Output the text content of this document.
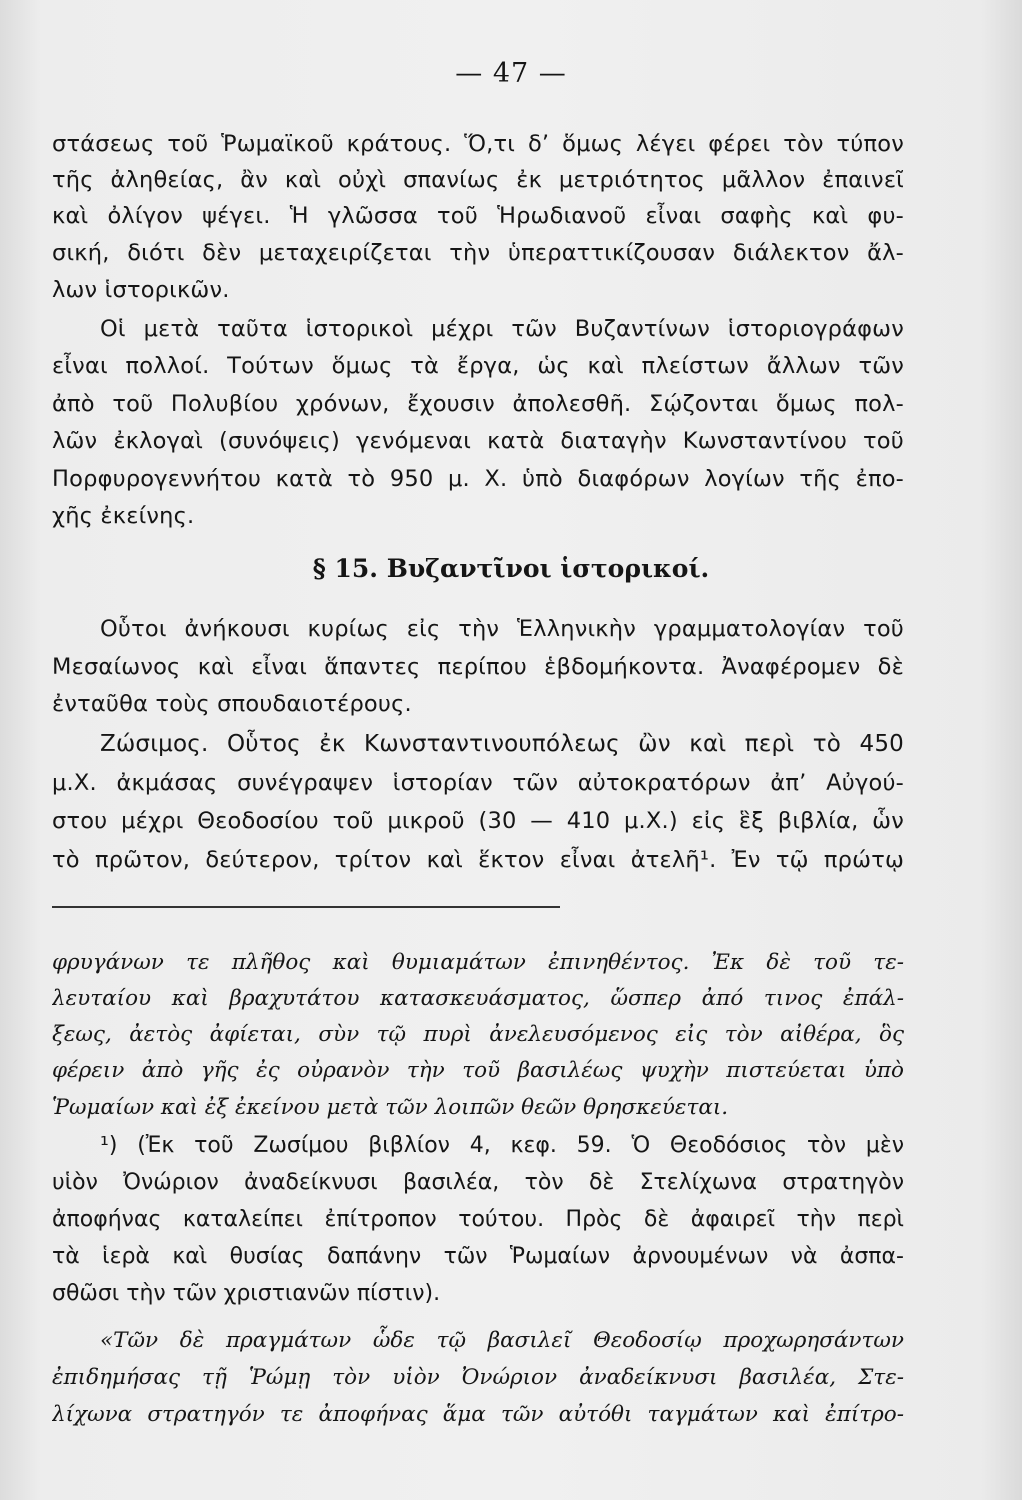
— 47 —

στάσεως τοῦ Ῥωμαϊκοῦ κράτους. Ὅ,τι δ’ ὅμως λέγει φέρει τὸν τύπον

τῆς ἀληθείας, ἂν καὶ οὐχὶ σπανίως ἐκ μετριότητος μᾶλλον ἐπαινεῖ

καὶ ὀλίγον ψέγει. Ἡ γλῶσσα τοῦ Ἡρωδιανοῦ εἶναι σαφὴς καὶ φυ-

σική, διότι δὲν μεταχειρίζεται τὴν ὑπεραττικίζουσαν διάλεκτον ἄλ-

λων ἱστορικῶν.

Οἱ μετὰ ταῦτα ἱστορικοὶ μέχρι τῶν Βυζαντίνων ἱστοριογράφων

εἶναι πολλοί. Τούτων ὅμως τὰ ἔργα, ὡς καὶ πλείστων ἄλλων τῶν

ἀπὸ τοῦ Πολυβίου χρόνων, ἔχουσιν ἀπολεσθῆ. Σῴζονται ὅμως πολ-

λῶν ἐκλογαὶ (συνόψεις) γενόμεναι κατὰ διαταγὴν Κωνσταντίνου τοῦ

Πορφυρογεννήτου κατὰ τὸ 950 μ. Χ. ὑπὸ διαφόρων λογίων τῆς ἐπο-

χῆς ἐκείνης.

§ 15. Βυζαντῖνοι ἱστορικοί.

Οὗτοι ἀνήκουσι κυρίως εἰς τὴν Ἑλληνικὴν γραμματολογίαν τοῦ

Μεσαίωνος καὶ εἶναι ἅπαντες περίπου ἑβδομήκοντα. Ἀναφέρομεν δὲ

ἐνταῦθα τοὺς σπουδαιοτέρους.

Ζώσιμος. Οὗτος ἐκ Κωνσταντινουπόλεως ὢν καὶ περὶ τὸ 450

μ.Χ. ἀκμάσας συνέγραψεν ἱστορίαν τῶν αὐτοκρατόρων ἀπ’ Αὐγού-

στου μέχρι Θεοδοσίου τοῦ μικροῦ (30 — 410 μ.Χ.) εἰς ἓξ βιβλία, ὧν

τὸ πρῶτον, δεύτερον, τρίτον καὶ ἕκτον εἶναι ἀτελῆ¹. Ἐν τῷ πρώτῳ

φρυγάνων τε πλῆθος καὶ θυμιαμάτων ἐπινηθέντος. Ἐκ δὲ τοῦ τε-

λευταίου καὶ βραχυτάτου κατασκευάσματος, ὥσπερ ἀπό τινος ἐπάλ-

ξεως, ἀετὸς ἀφίεται, σὺν τῷ πυρὶ ἀνελευσόμενος εἰς τὸν αἰθέρα, ὃς

φέρειν ἀπὸ γῆς ἐς οὐρανὸν τὴν τοῦ βασιλέως ψυχὴν πιστεύεται ὑπὸ

Ῥωμαίων καὶ ἐξ ἐκείνου μετὰ τῶν λοιπῶν θεῶν θρησκεύεται.

¹) (Ἐκ τοῦ Ζωσίμου βιβλίον 4, κεφ. 59. Ὁ Θεοδόσιος τὸν μὲν

υἱὸν Ὀνώριον ἀναδείκνυσι βασιλέα, τὸν δὲ Στελίχωνα στρατηγὸν

ἀποφήνας καταλείπει ἐπίτροπον τούτου. Πρὸς δὲ ἀφαιρεῖ τὴν περὶ

τὰ ἱερὰ καὶ θυσίας δαπάνην τῶν Ῥωμαίων ἀρνουμένων νὰ ἀσπα-

σθῶσι τὴν τῶν χριστιανῶν πίστιν).

«Τῶν δὲ πραγμάτων ὧδε τῷ βασιλεῖ Θεοδοσίῳ προχωρησάντων

ἐπιδημήσας τῇ Ῥώμῃ τὸν υἱὸν Ὀνώριον ἀναδείκνυσι βασιλέα, Στε-

λίχωνα στρατηγόν τε ἀποφήνας ἅμα τῶν αὐτόθι ταγμάτων καὶ ἐπίτρο-
